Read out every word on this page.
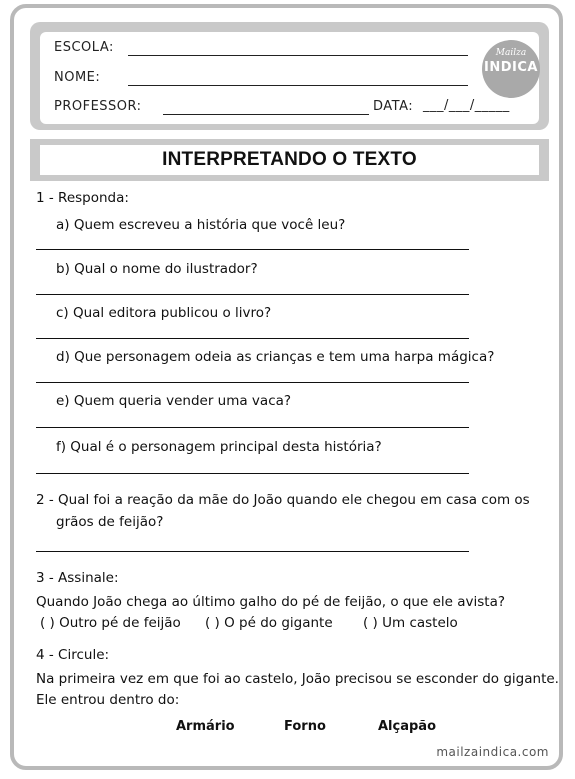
ESCOLA:
NOME:
PROFESSOR:	DATA: ___/___/_____
Mailza
INDICA
INTERPRETANDO O TEXTO
1 - Responda:
a) Quem escreveu a história que você leu?
b) Qual o nome do ilustrador?
c) Qual editora publicou o livro?
d) Que personagem odeia as crianças e tem uma harpa mágica?
e) Quem queria vender uma vaca?
f) Qual é o personagem principal desta história?
2 - Qual foi a reação da mãe do João quando ele chegou em casa com os
grãos de feijão?
3 - Assinale:
Quando João chega ao último galho do pé de feijão, o que ele avista?
( ) Outro pé de feijão ( ) O pé do gigante ( ) Um castelo
4 - Circule:
Na primeira vez em que foi ao castelo, João precisou se esconder do gigante.
Ele entrou dentro do:
Armário	Forno	Alçapão
mailzaindica.com
